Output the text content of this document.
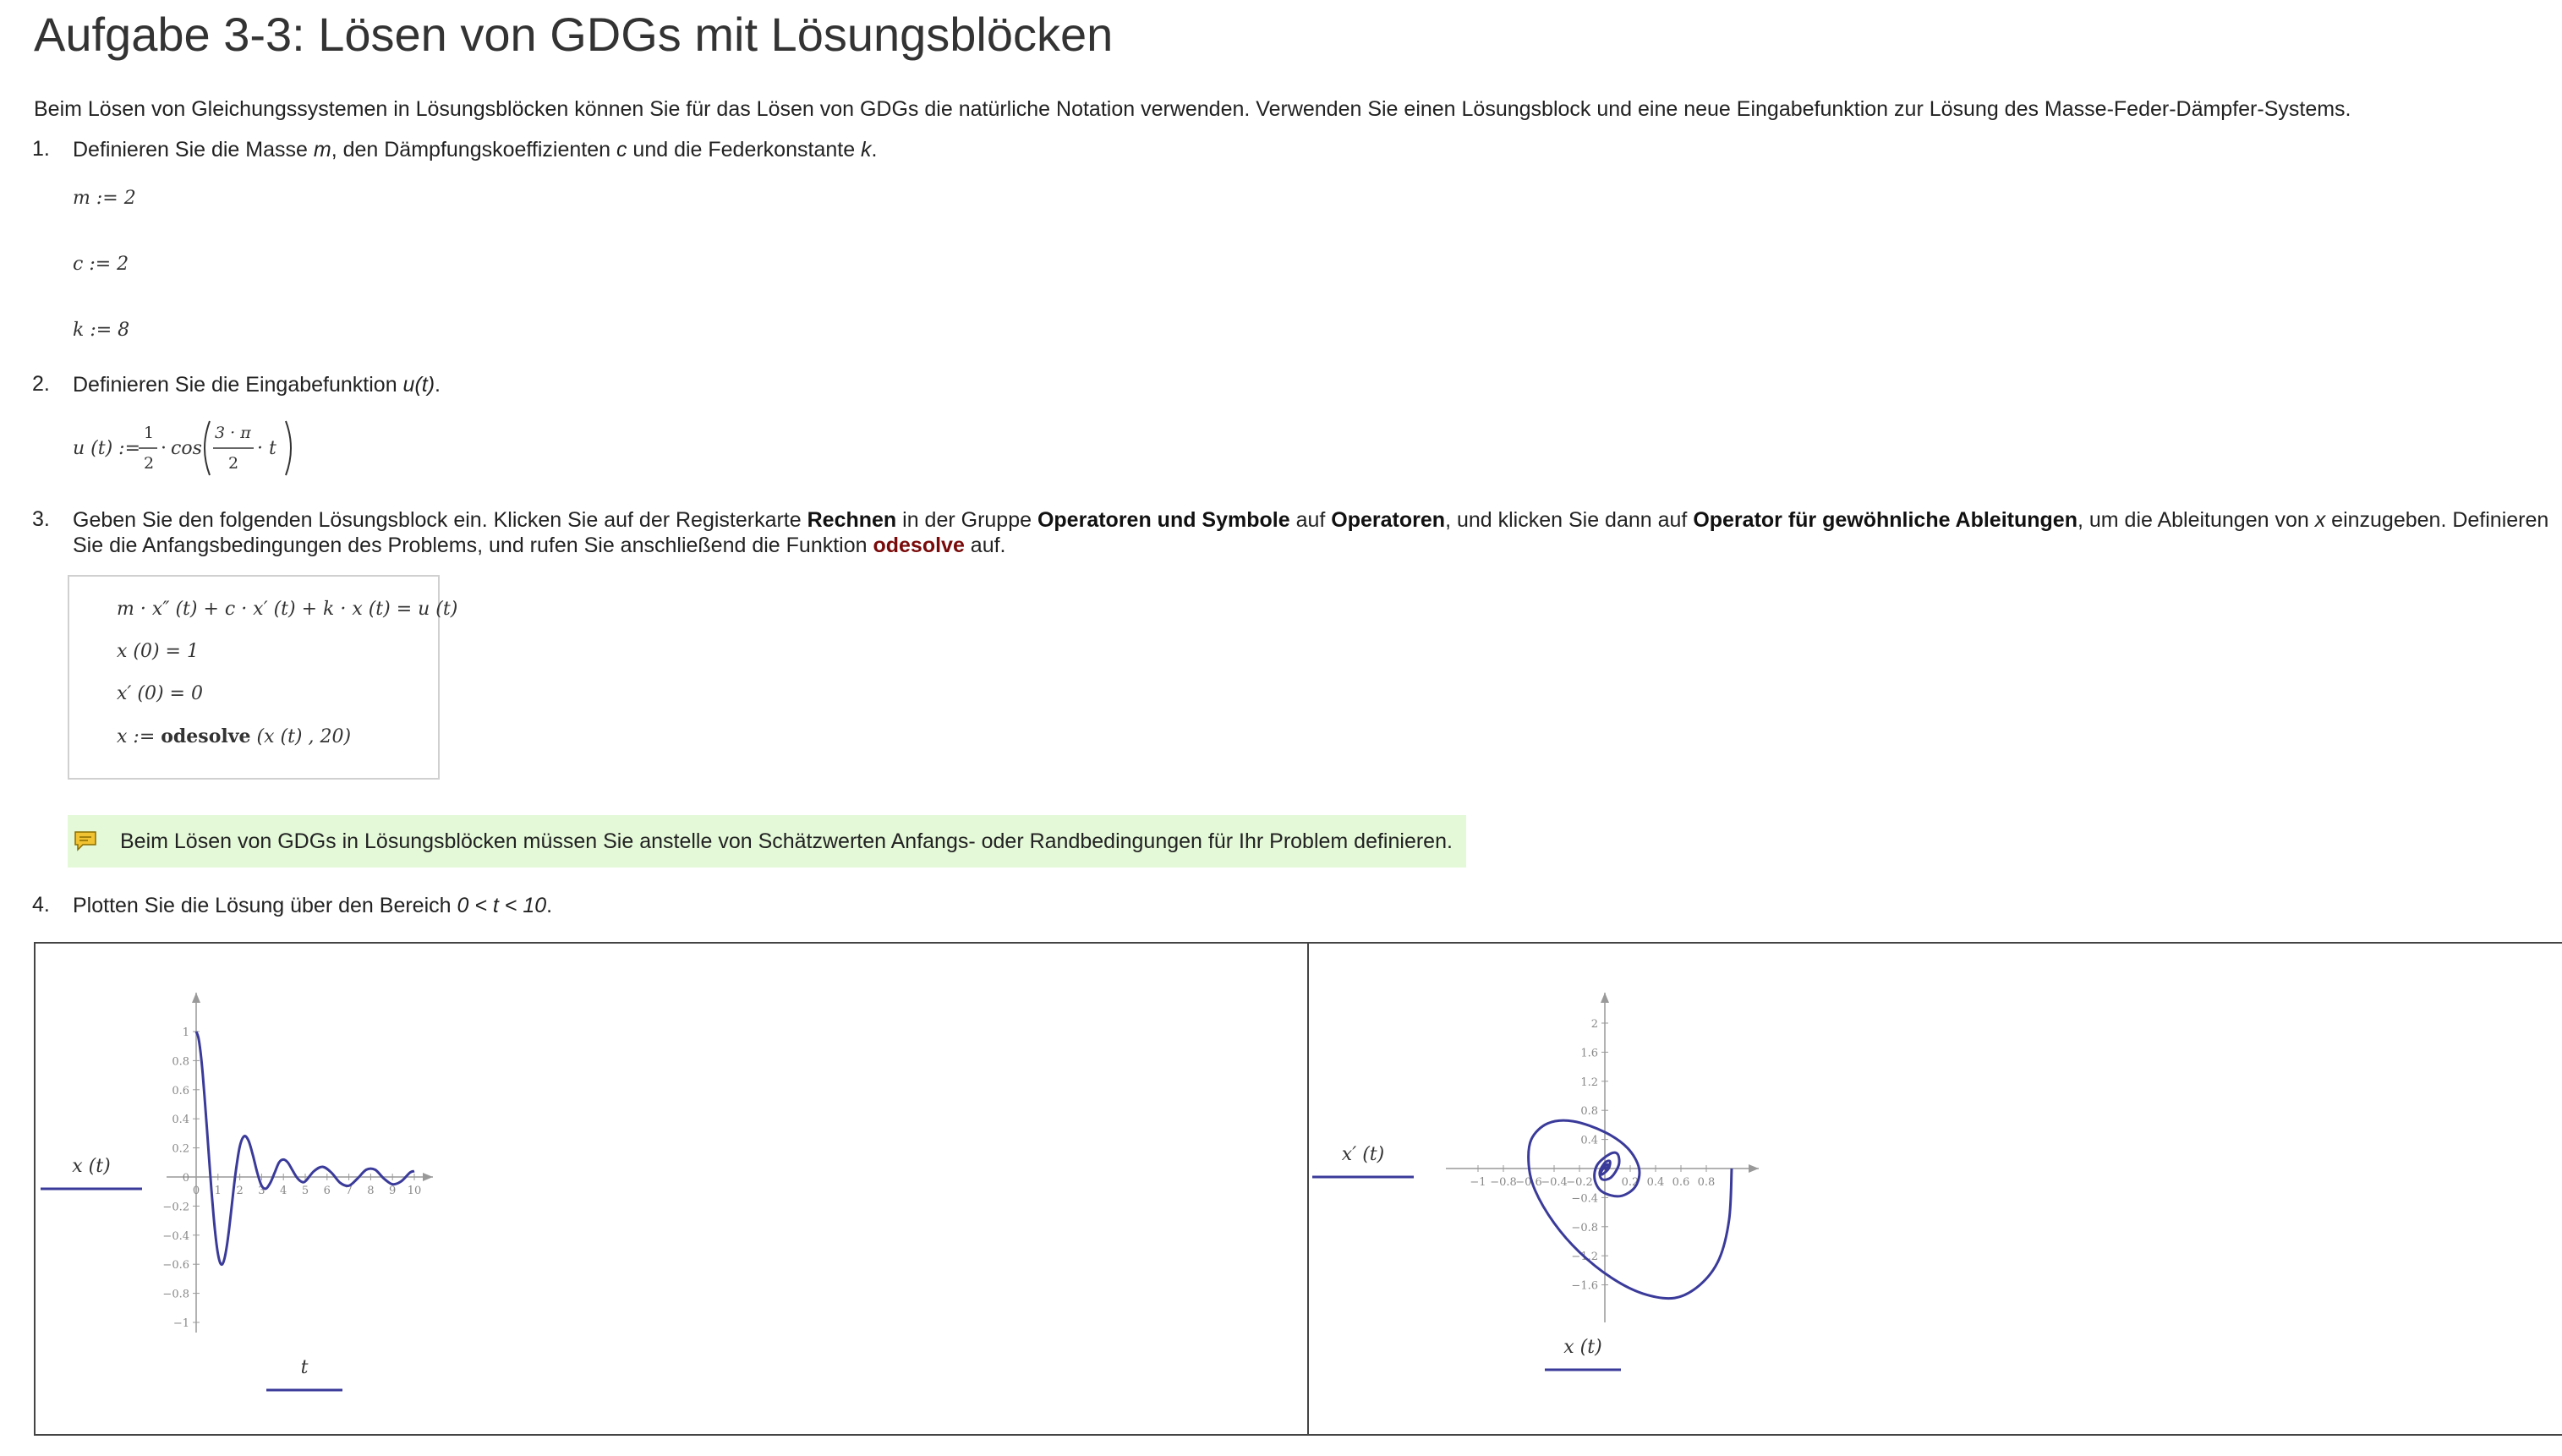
Aufgabe 3-3: Lösen von GDGs mit Lösungsblöcken
Beim Lösen von Gleichungssystemen in Lösungsblöcken können Sie für das Lösen von GDGs die natürliche Notation verwenden. Verwenden Sie einen Lösungsblock und eine neue Eingabefunktion zur Lösung des Masse-Feder-Dämpfer-Systems.
1. Definieren Sie die Masse m, den Dämpfungskoeffizienten c und die Federkonstante k.
m := 2
c := 2
k := 8
2. Definieren Sie die Eingabefunktion u(t).
u (t) :=
1
2
· cos
3 · π
2
· t
3. Geben Sie den folgenden Lösungsblock ein. Klicken Sie auf der Registerkarte Rechnen in der Gruppe Operatoren und Symbole auf Operatoren, und klicken Sie dann auf Operator für gewöhnliche Ableitungen, um die Ableitungen von x einzugeben. Definieren Sie die Anfangsbedingungen des Problems, und rufen Sie anschließend die Funktion odesolve auf.
m · x″ (t) + c · x′ (t) + k · x (t) = u (t)
x (0) = 1
x′ (0) = 0
x := odesolve (x (t) , 20)
Beim Lösen von GDGs in Lösungsblöcken müssen Sie anstelle von Schätzwerten Anfangs- oder Randbedingungen für Ihr Problem definieren.
4. Plotten Sie die Lösung über den Bereich 0 < t < 10.
0 1 2 3 4 5 6 7 8 9 10
1
0.8
0.6
0.4
0.2
0
−0.2
−0.4
−0.6
−0.8
−1
x (t)
t
−1 −0.8
−0.6
−0.4
−0.2	0.2 0.4 0.6 0.8
2
1.6
1.2
0.8
0.4
−0.4
−0.8
−1.2
−1.6
x′ (t)
x (t)
